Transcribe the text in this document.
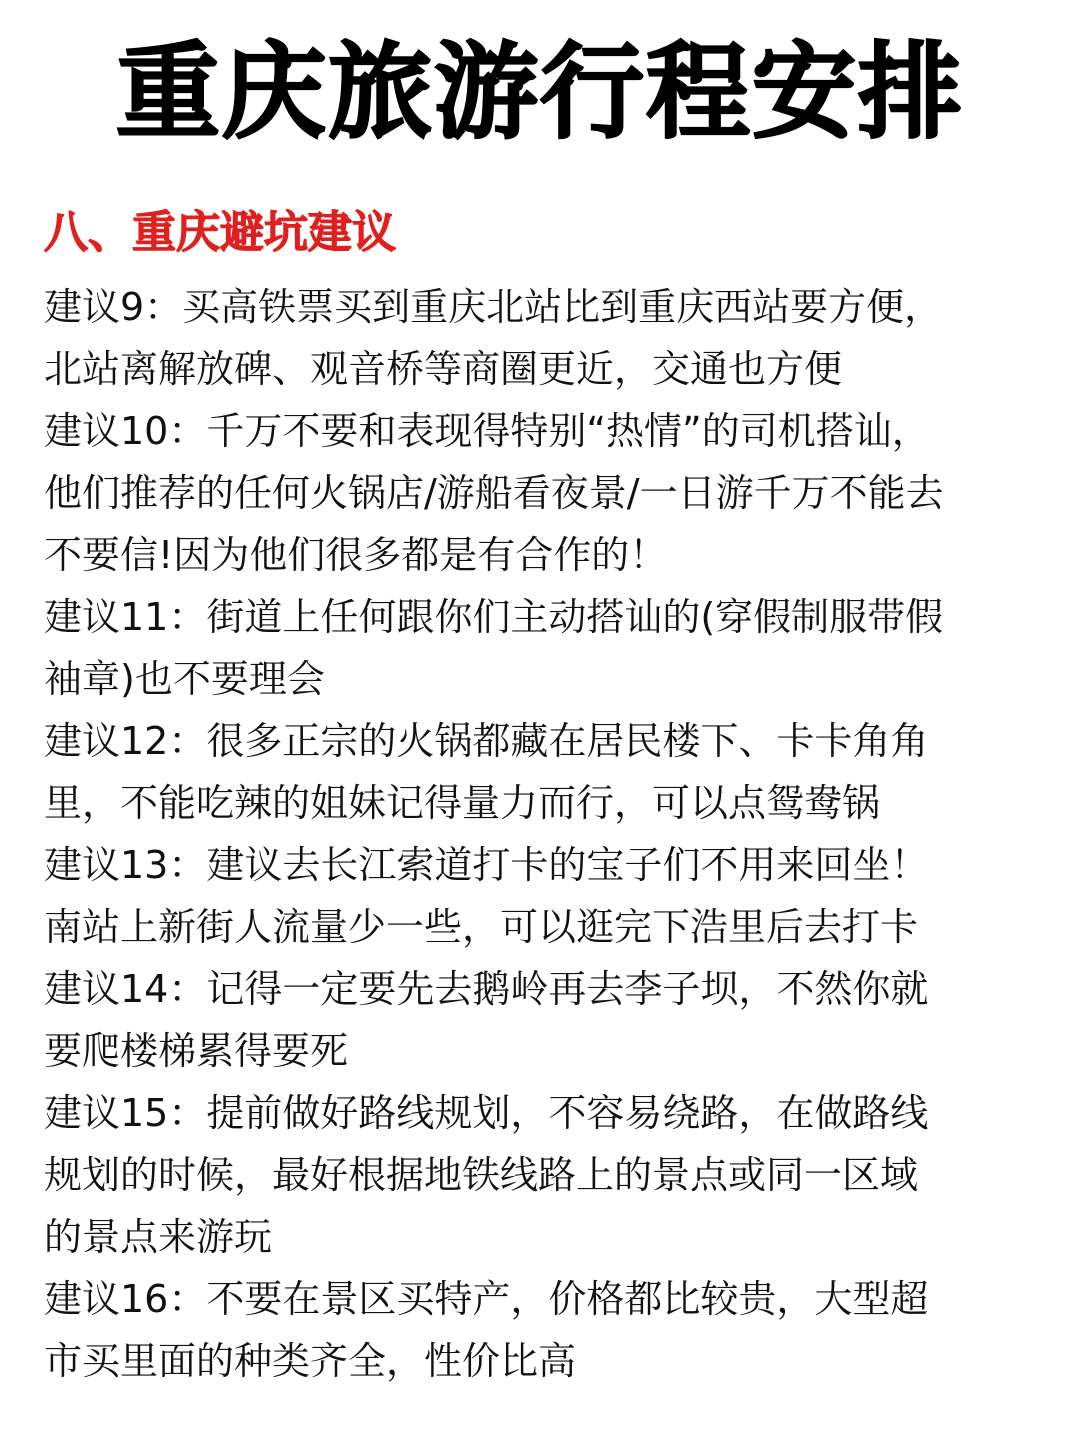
重庆旅游行程安排
八、重庆避坑建议

建议9：买高铁票买到重庆北站比到重庆西站要方便，

北站离解放碑、观音桥等商圈更近，交通也方便

建议10：千万不要和表现得特别“热情”的司机搭讪，

他们推荐的任何火锅店/游船看夜景/一日游千万不能去

不要信!因为他们很多都是有合作的！

建议11：街道上任何跟你们主动搭讪的(穿假制服带假

袖章)也不要理会

建议12：很多正宗的火锅都藏在居民楼下、卡卡角角

里，不能吃辣的姐妹记得量力而行，可以点鸳鸯锅

建议13：建议去长江索道打卡的宝子们不用来回坐！

南站上新街人流量少一些，可以逛完下浩里后去打卡

建议14：记得一定要先去鹅岭再去李子坝，不然你就

要爬楼梯累得要死

建议15：提前做好路线规划，不容易绕路，在做路线

规划的时候，最好根据地铁线路上的景点或同一区域

的景点来游玩

建议16：不要在景区买特产，价格都比较贵，大型超

市买里面的种类齐全，性价比高
